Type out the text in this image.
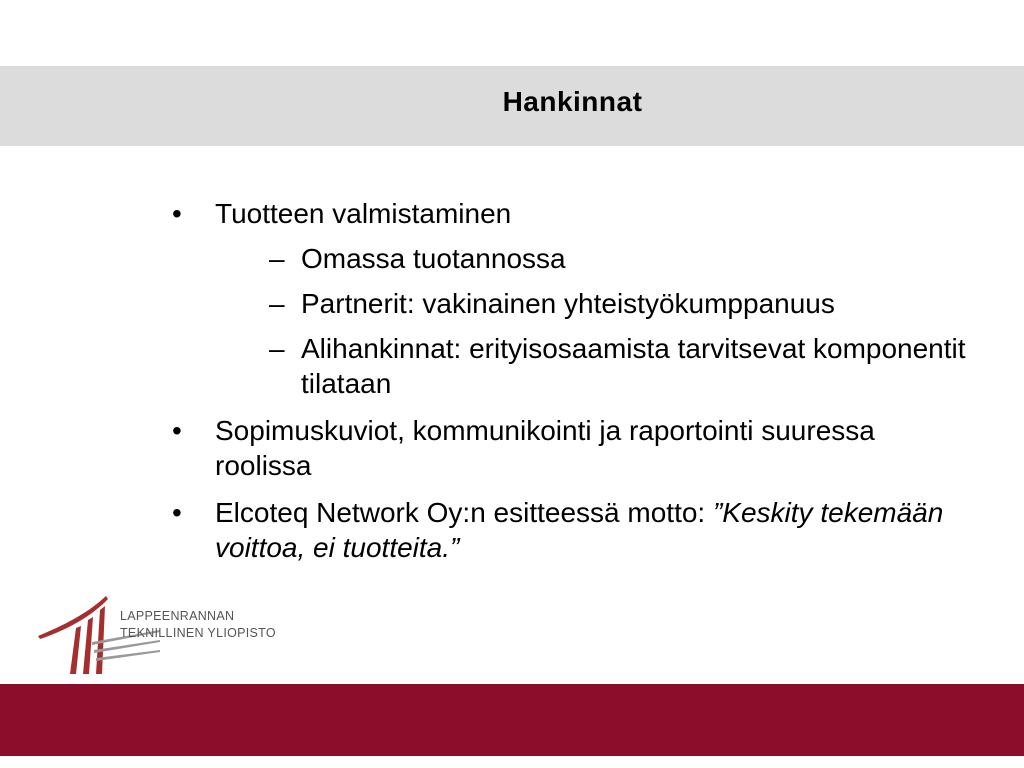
Hankinnat
• Tuotteen valmistaminen
– Omassa tuotannossa
– Partnerit: vakinainen yhteistyökumppanuus
– Alihankinnat: erityisosaamista tarvitsevat komponentit tilataan
• Sopimuskuviot, kommunikointi ja raportointi suuressa roolissa
• Elcoteq Network Oy:n esitteessä motto: ”Keskity tekemään voittoa, ei tuotteita.”
LAPPEENRANNAN
TEKNILLINEN YLIOPISTO
